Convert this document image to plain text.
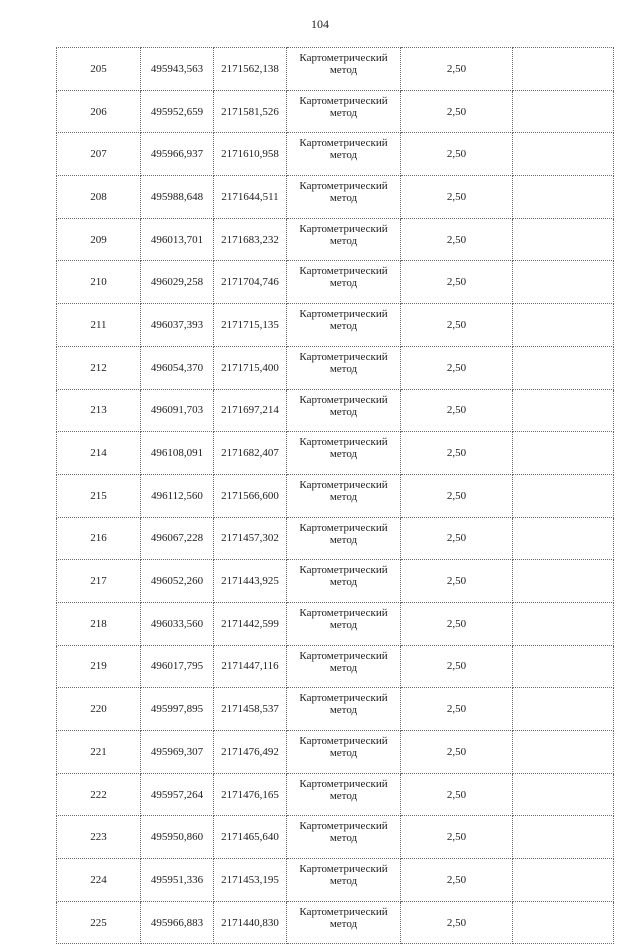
104
205	495943,563	2171562,138	Картометрический
метод	2,50	
206	495952,659	2171581,526	Картометрический
метод	2,50	
207	495966,937	2171610,958	Картометрический
метод	2,50	
208	495988,648	2171644,511	Картометрический
метод	2,50	
209	496013,701	2171683,232	Картометрический
метод	2,50	
210	496029,258	2171704,746	Картометрический
метод	2,50	
211	496037,393	2171715,135	Картометрический
метод	2,50	
212	496054,370	2171715,400	Картометрический
метод	2,50	
213	496091,703	2171697,214	Картометрический
метод	2,50	
214	496108,091	2171682,407	Картометрический
метод	2,50	
215	496112,560	2171566,600	Картометрический
метод	2,50	
216	496067,228	2171457,302	Картометрический
метод	2,50	
217	496052,260	2171443,925	Картометрический
метод	2,50	
218	496033,560	2171442,599	Картометрический
метод	2,50	
219	496017,795	2171447,116	Картометрический
метод	2,50	
220	495997,895	2171458,537	Картометрический
метод	2,50	
221	495969,307	2171476,492	Картометрический
метод	2,50	
222	495957,264	2171476,165	Картометрический
метод	2,50	
223	495950,860	2171465,640	Картометрический
метод	2,50	
224	495951,336	2171453,195	Картометрический
метод	2,50	
225	495966,883	2171440,830	Картометрический
метод	2,50	
